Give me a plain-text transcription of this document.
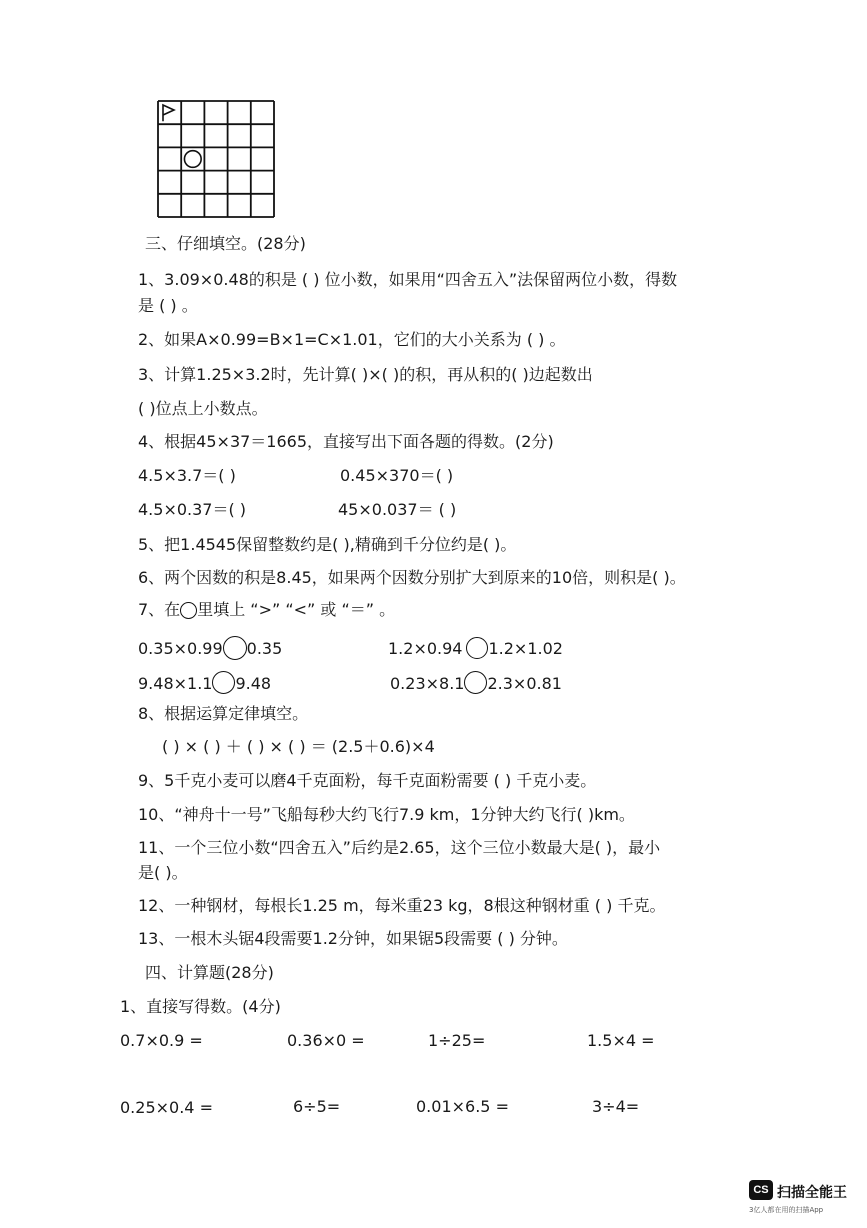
三、仔细填空。(28分)
1、3.09×0.48的积是 ( ) 位小数，如果用“四舍五入”法保留两位小数，得数
是 ( ) 。
2、如果A×0.99=B×1=C×1.01，它们的大小关系为 ( ) 。
3、计算1.25×3.2时，先计算( )×( )的积，再从积的( )边起数出
( )位点上小数点。
4、根据45×37＝1665，直接写出下面各题的得数。(2分)
4.5×3.7＝( )	0.45×370＝( )
4.5×0.37＝( )	45×0.037＝ ( )
5、把1.4545保留整数约是( ),精确到千分位约是( )。
6、两个因数的积是8.45，如果两个因数分别扩大到原来的10倍，则积是( )。
7、在 里填上 “>” “<” 或 “＝” 。
0.35×0.99 0.35	1.2×0.94 1.2×1.02
9.48×1.1 9.48	0.23×8.1 2.3×0.81
8、根据运算定律填空。
( ) × ( ) ＋ ( ) × ( ) ＝ (2.5＋0.6)×4
9、5千克小麦可以磨4千克面粉，每千克面粉需要 ( ) 千克小麦。
10、“神舟十一号”飞船每秒大约飞行7.9 km，1分钟大约飞行( )km。
11、一个三位小数“四舍五入”后约是2.65，这个三位小数最大是( )，最小
是( )。
12、一种钢材，每根长1.25 m，每米重23 kg，8根这种钢材重 ( ) 千克。
13、一根木头锯4段需要1.2分钟，如果锯5段需要 ( ) 分钟。
四、计算题(28分)
1、直接写得数。(4分)
0.7×0.9 =	0.36×0 =	1÷25=	1.5×4 =
0.25×0.4 =	6÷5=	0.01×6.5 =	3÷4=
CS 扫描全能王
3亿人都在用的扫描App
